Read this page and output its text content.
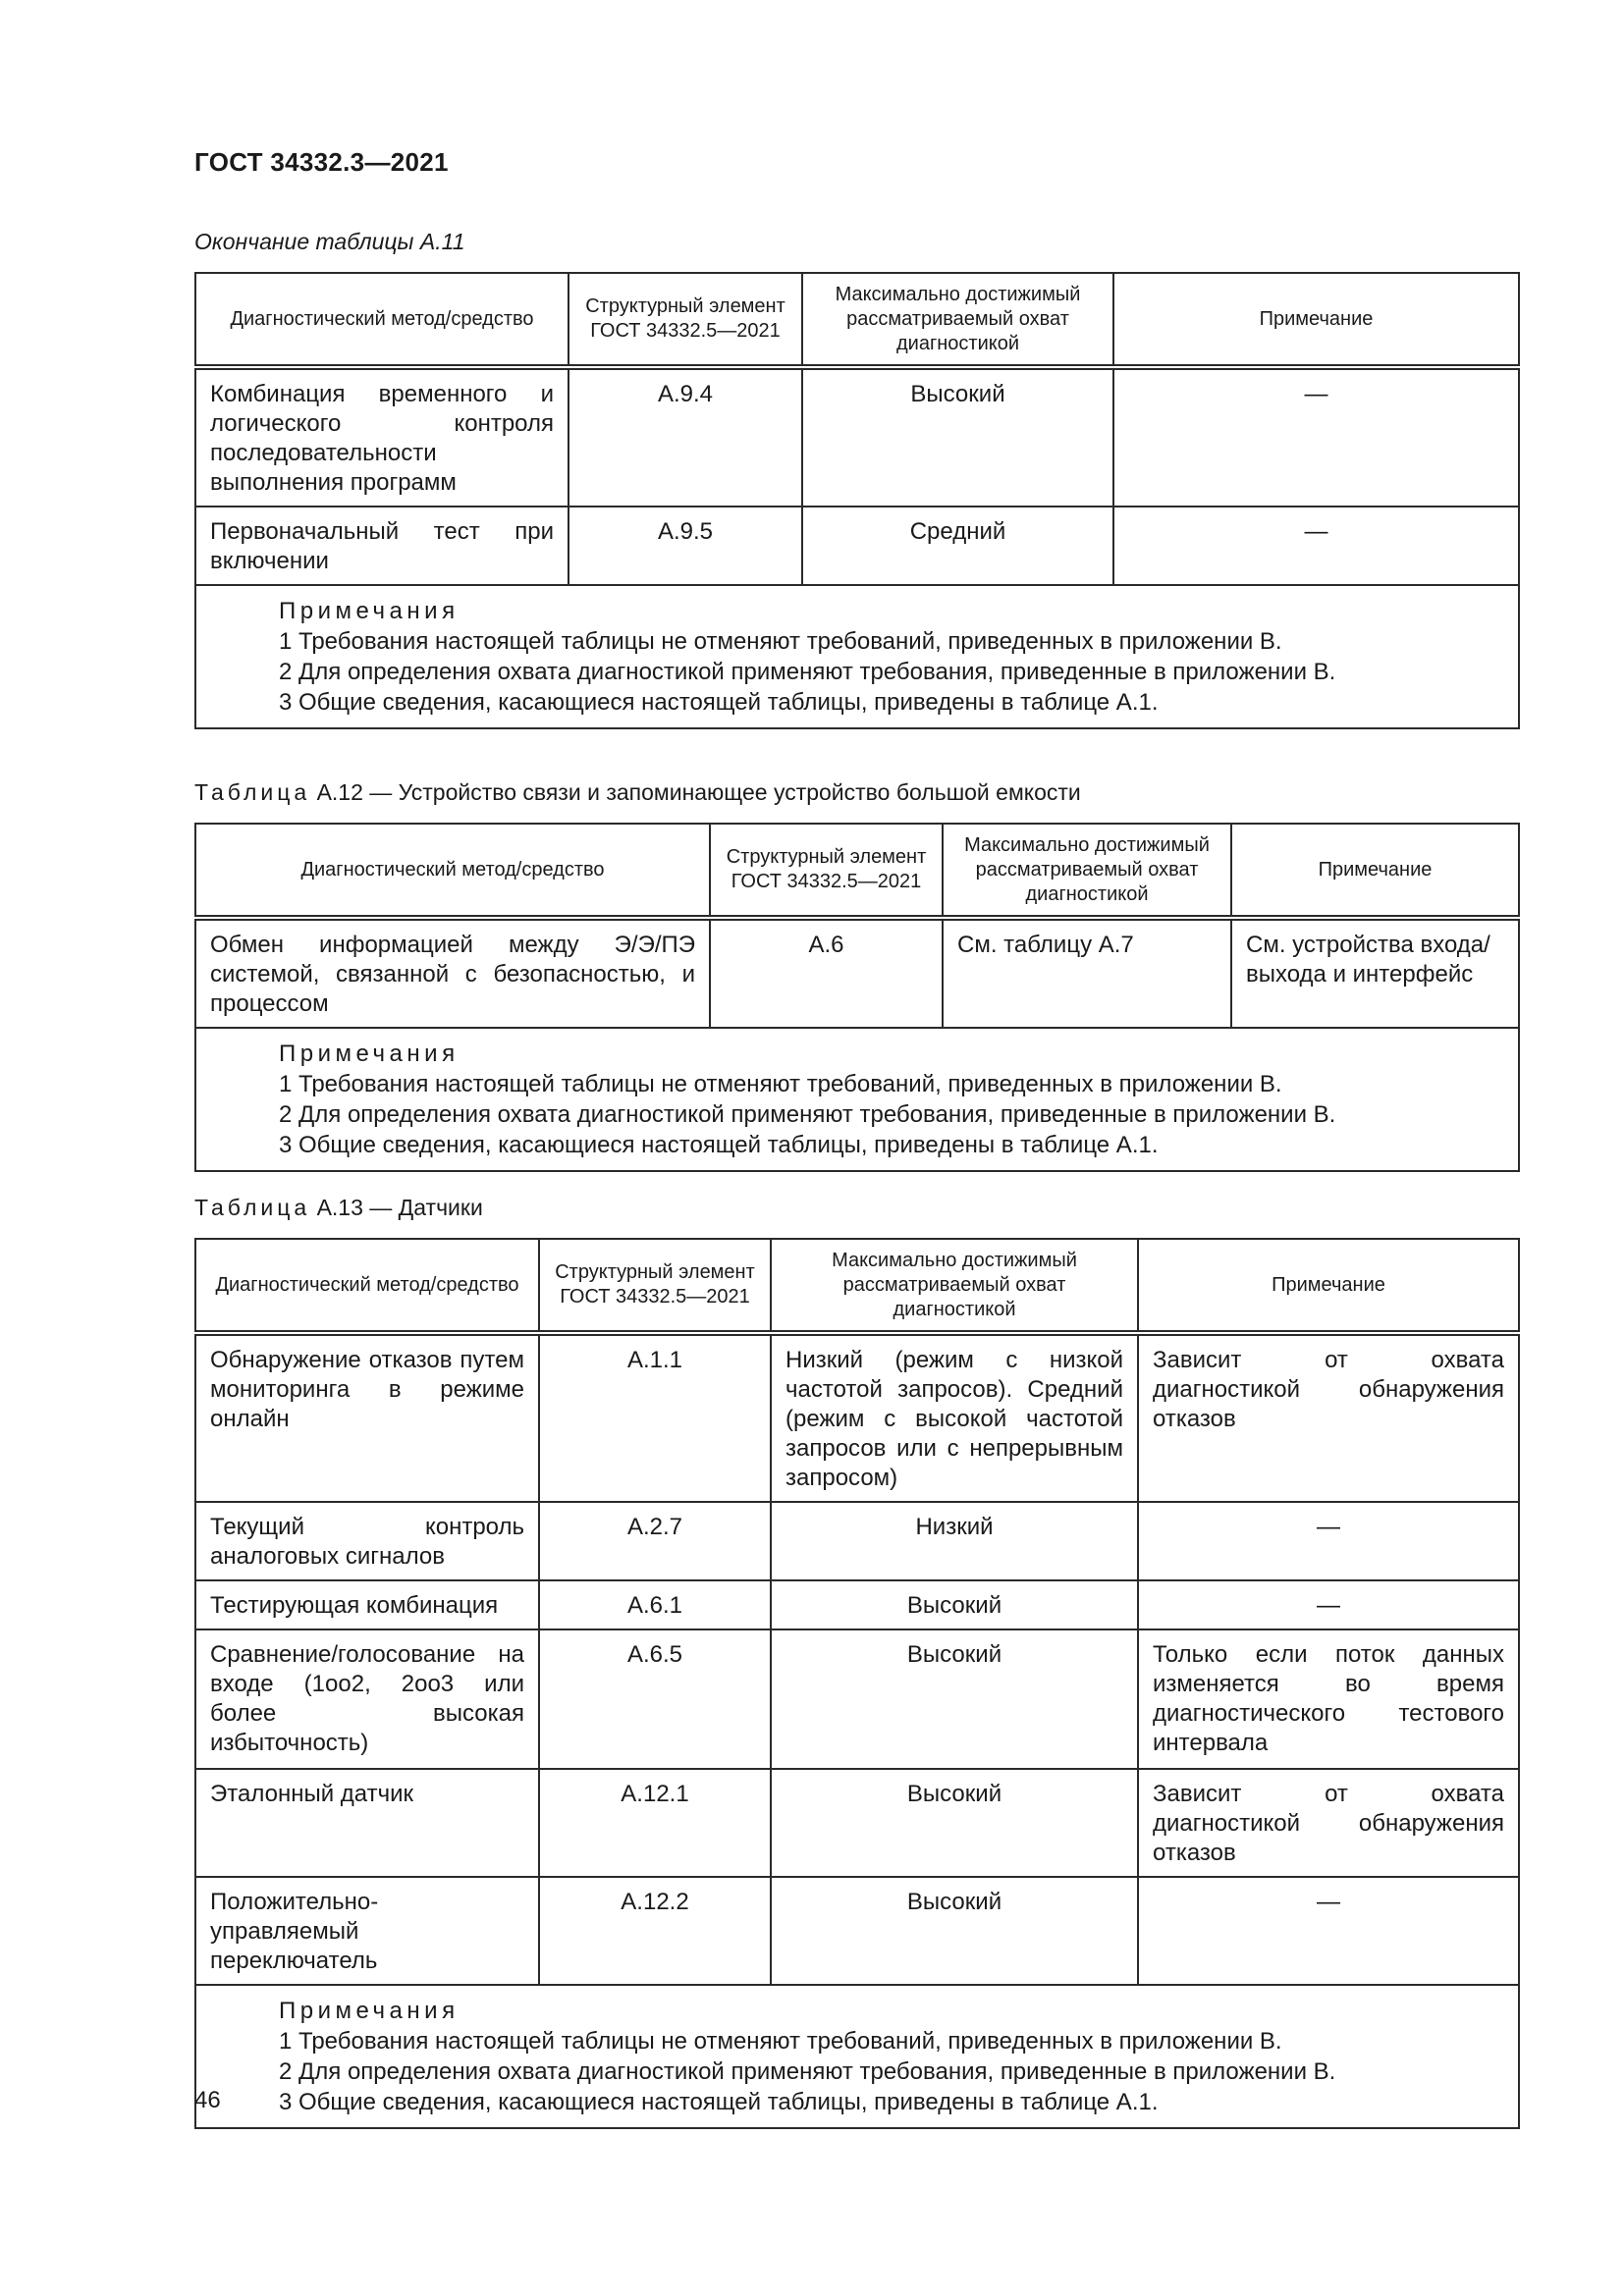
ГОСТ 34332.3—2021
Окончание таблицы А.11
Диагностический метод/средство	Структурный элемент ГОСТ 34332.5—2021	Максимально достижимый рассматриваемый охват диагностикой	Примечание
Комбинация временного и логического контроля последовательности выполнения программ	A.9.4	Высокий	—
Первоначальный тест при включении	A.9.5	Средний	—

Примечания
1 Требования настоящей таблицы не отменяют требований, приведенных в приложении В.
2 Для определения охвата диагностикой применяют требования, приведенные в приложении В.
3 Общие сведения, касающиеся настоящей таблицы, приведены в таблице А.1.			
Таблица А.12 — Устройство связи и запоминающее устройство большой емкости
Диагностический метод/средство	Структурный элемент ГОСТ 34332.5—2021	Максимально достижимый рассматриваемый охват диагностикой	Примечание
Обмен информацией между Э/Э/ПЭ системой, связанной с безопасностью, и процессом	A.6	См. таблицу А.7	См. устройства входа/выхода и интерфейс

Примечания
1 Требования настоящей таблицы не отменяют требований, приведенных в приложении В.
2 Для определения охвата диагностикой применяют требования, приведенные в приложении В.
3 Общие сведения, касающиеся настоящей таблицы, приведены в таблице А.1.			
Таблица А.13 — Датчики
Диагностический метод/средство	Структурный элемент ГОСТ 34332.5—2021	Максимально достижимый рассматриваемый охват диагностикой	Примечание
Обнаружение отказов путем мониторинга в режиме онлайн	A.1.1	Низкий (режим с низкой частотой запросов). Средний (режим с высокой частотой запросов или с непрерывным запросом)	Зависит от охвата диагностикой обнаружения отказов
Текущий контроль аналоговых сигналов	A.2.7	Низкий	—
Тестирующая комбинация	A.6.1	Высокий	—
Сравнение/голосование на входе (1oo2, 2oo3 или более высокая избыточность)	A.6.5	Высокий	Только если поток данных изменяется во время диагностического тестового интервала
Эталонный датчик	A.12.1	Высокий	Зависит от охвата диагностикой обнаружения отказов
Положительно-управляемый переключатель	A.12.2	Высокий	—

Примечания
1 Требования настоящей таблицы не отменяют требований, приведенных в приложении В.
2 Для определения охвата диагностикой применяют требования, приведенные в приложении В.
3 Общие сведения, касающиеся настоящей таблицы, приведены в таблице А.1.			
46
